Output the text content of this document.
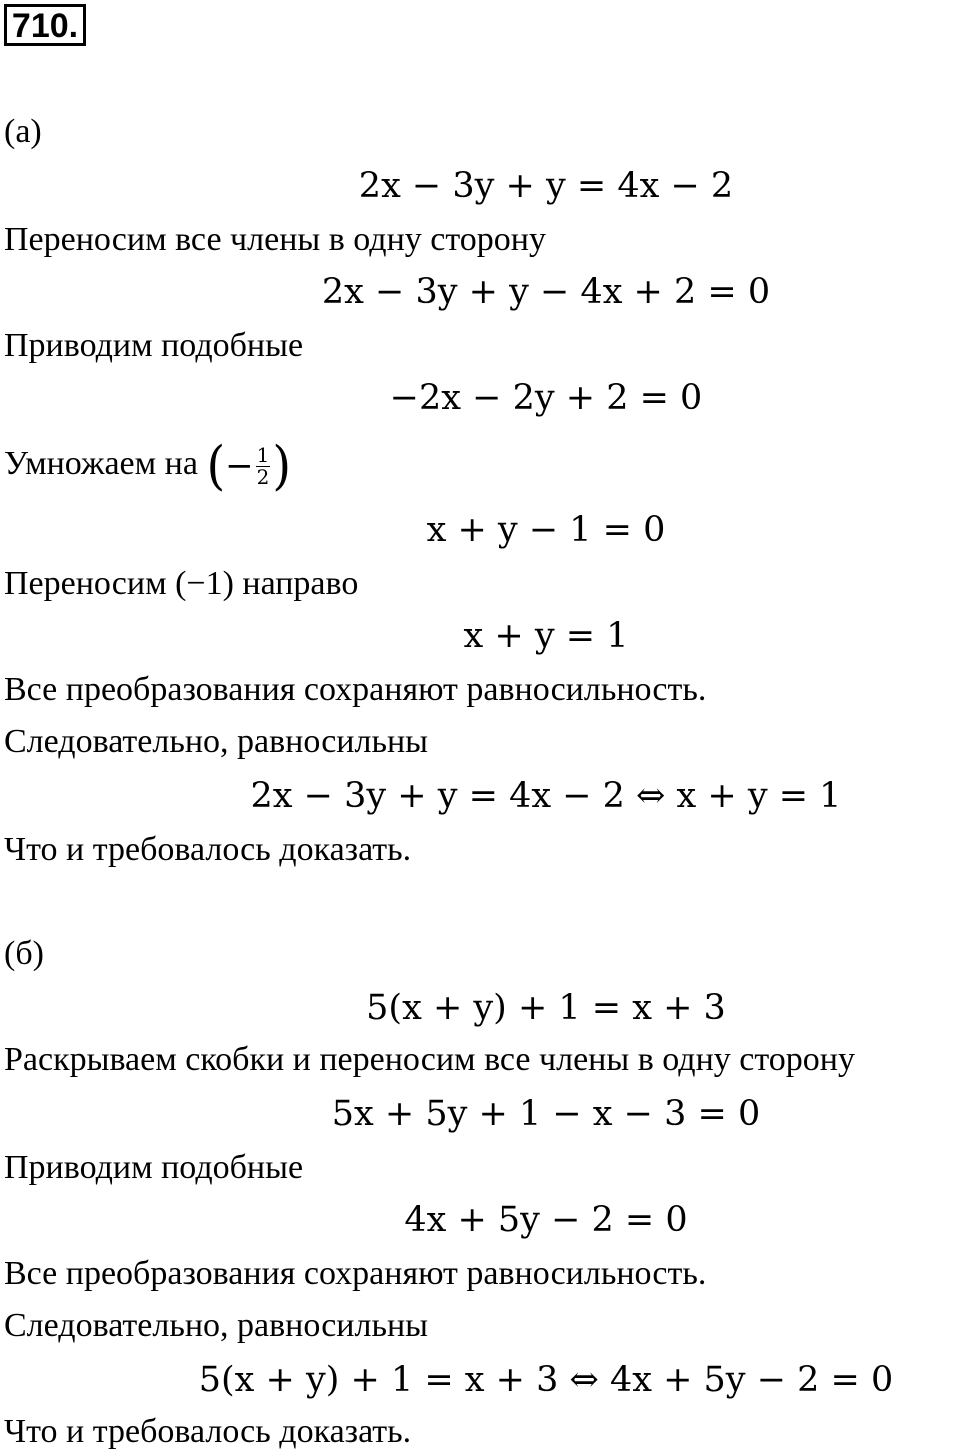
710.
(а)
2x − 3y + y = 4x − 2
Переносим все члены в одну сторону
2x − 3y + y − 4x + 2 = 0
Приводим подобные
−2x − 2y + 2 = 0
Умножаем на (− $\frac{1}{2}$ )
x + y − 1 = 0
Переносим (−1) направо
x + y = 1
Все преобразования сохраняют равносильность.
Следовательно, равносильны
2x − 3y + y = 4x − 2 ⇔ x + y = 1
Что и требовалось доказать.
(б)
5(x + y) + 1 = x + 3
Раскрываем скобки и переносим все члены в одну сторону
5x + 5y + 1 − x − 3 = 0
Приводим подобные
4x + 5y − 2 = 0
Все преобразования сохраняют равносильность.
Следовательно, равносильны
5(x + y) + 1 = x + 3 ⇔ 4x + 5y − 2 = 0
Что и требовалось доказать.
